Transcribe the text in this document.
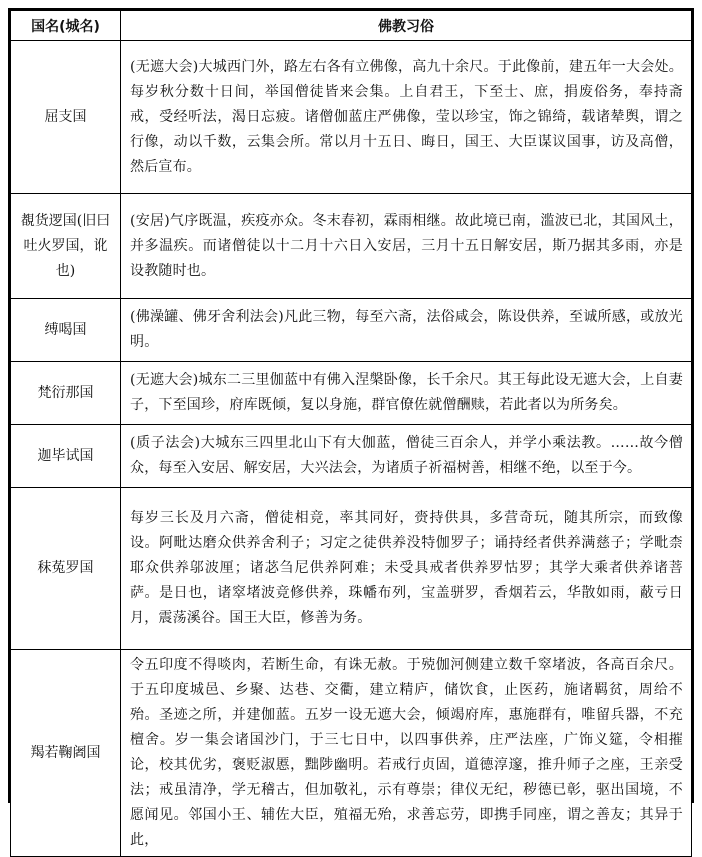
国名(城名)	佛教习俗
屈支国	(无遮大会)大城西门外，路左右各有立佛像，高九十余尺。于此像前，建五年一大会处。每岁秋分数十日间，举国僧徒皆来会集。上自君王，下至士、庶，捐废俗务，奉持斋戒，受经听法，渴日忘疲。诸僧伽蓝庄严佛像，莹以珍宝，饰之锦绮，载诸辇舆，谓之行像，动以千数，云集会所。常以月十五日、晦日，国王、大臣谋议国事，访及高僧，然后宣布。
覩货逻国(旧曰吐火罗国，讹也)	(安居)气序既温，疾疫亦众。冬末春初，霖雨相继。故此境已南，滥波已北，其国风土，并多温疾。而诸僧徒以十二月十六日入安居，三月十五日解安居，斯乃据其多雨，亦是设教随时也。
缚喝国	(佛澡罐、佛牙舍利法会)凡此三物，每至六斋，法俗咸会，陈设供养，至诚所感，或放光明。
梵衍那国	(无遮大会)城东二三里伽蓝中有佛入涅槃卧像，长千余尺。其王每此设无遮大会，上自妻子，下至国珍，府库既倾，复以身施，群官僚佐就僧酬赎，若此者以为所务矣。
迦毕试国	(质子法会)大城东三四里北山下有大伽蓝，僧徒三百余人，并学小乘法教。……故今僧众，每至入安居、解安居，大兴法会，为诸质子祈福树善，相继不绝，以至于今。
秣菟罗国	每岁三长及月六斋，僧徒相竞，率其同好，赍持供具，多营奇玩，随其所宗，而致像设。阿毗达磨众供养舍利子；习定之徒供养没特伽罗子；诵持经者供养满慈子；学毗柰耶众供养邬波厘；诸苾刍尼供养阿难；未受具戒者供养罗怙罗；其学大乘者供养诸菩萨。是日也，诸窣堵波竞修供养，珠幡布列，宝盖骈罗，香烟若云，华散如雨，蔽亏日月，震荡溪谷。国王大臣，修善为务。
羯若鞠阇国	令五印度不得啖肉，若断生命，有诛无赦。于殑伽河侧建立数千窣堵波，各高百余尺。于五印度城邑、乡聚、达巷、交衢，建立精庐，储饮食，止医药，施诸羁贫，周给不殆。圣迹之所，并建伽蓝。五岁一设无遮大会，倾竭府库，惠施群有，唯留兵器，不充檀舍。岁一集会诸国沙门，于三七日中，以四事供养，庄严法座，广饰义筵，令相摧论，校其优劣，褒贬淑慝，黜陟幽明。若戒行贞固，道德淳邃，推升师子之座，王亲受法；戒虽清净，学无稽古，但加敬礼，示有尊崇；律仪无纪，秽德已彰，驱出国境，不愿闻见。邻国小王、辅佐大臣，殖福无殆，求善忘劳，即携手同座，谓之善友；其异于此，
